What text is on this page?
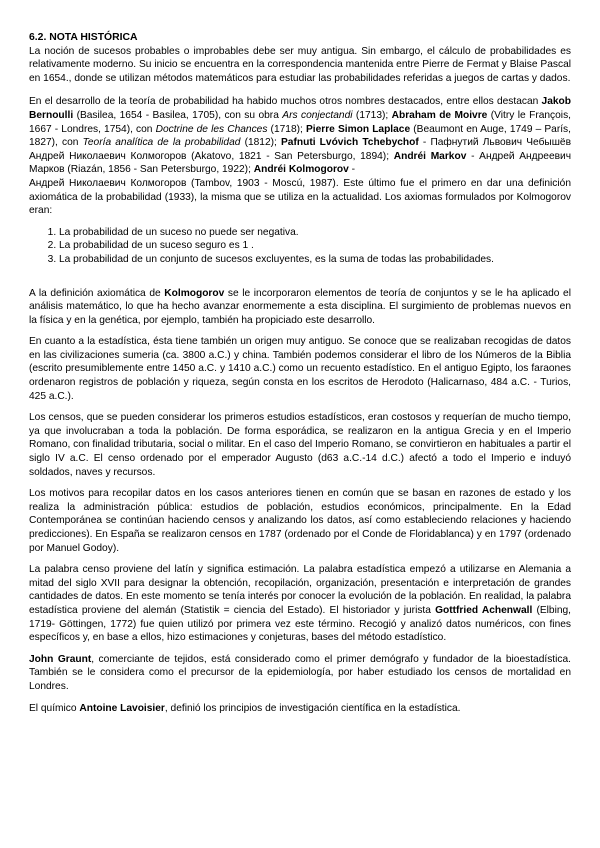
6.2. NOTA HISTÓRICA

La noción de sucesos probables o improbables debe ser muy antigua. Sin embargo, el cálculo de probabilidades es relativamente moderno. Su inicio se encuentra en la correspondencia mantenida entre Pierre de Fermat y Blaise Pascal en 1654., donde se utilizan métodos matemáticos para estudiar las probabilidades referidas a juegos de cartas y dados.

En el desarrollo de la teoría de probabilidad ha habido muchos otros nombres destacados, entre ellos destacan Jakob Bernoulli (Basilea, 1654 - Basilea, 1705), con su obra Ars conjectandi (1713); Abraham de Moivre (Vitry le François, 1667 - Londres, 1754), con Doctrine de les Chances (1718); Pierre Simon Laplace (Beaumont en Auge, 1749 – París, 1827), con Teoría analítica de la probabilidad (1812); Pafnuti Lvóvich Tchebychof - Пафнутий Львович Чебышёв Андрей Николаевич Колмогоров (Akatovo, 1821 - San Petersburgo, 1894); Andréi Markov - Андрей Андреевич Марков (Riazán, 1856 - San Petersburgo, 1922); Andréi Kolmogorov -
Андрей Николаевич Колмогоров (Tambov, 1903 - Moscú, 1987). Este último fue el primero en dar una definición axiomática de la probabilidad (1933), la misma que se utiliza en la actualidad. Los axiomas formulados por Kolmogorov eran:

1. La probabilidad de un suceso no puede ser negativa.
2. La probabilidad de un suceso seguro es 1 .
3. La probabilidad de un conjunto de sucesos excluyentes, es la suma de todas las probabilidades.

A la definición axiomática de Kolmogorov se le incorporaron elementos de teoría de conjuntos y se le ha aplicado el análisis matemático, lo que ha hecho avanzar enormemente a esta disciplina. El surgimiento de problemas nuevos en la física y en la genética, por ejemplo, también ha propiciado este desarrollo.

En cuanto a la estadística, ésta tiene también un origen muy antiguo. Se conoce que se realizaban recogidas de datos en las civilizaciones sumeria (ca. 3800 a.C.) y china. También podemos considerar el libro de los Números de la Biblia (escrito presumiblemente entre 1450 a.C. y 1410 a.C.) como un recuento estadístico. En el antiguo Egipto, los faraones ordenaron registros de población y riqueza, según consta en los escritos de Herodoto (Halicarnaso, 484 a.C. - Turios, 425 a.C.).

Los censos, que se pueden considerar los primeros estudios estadísticos, eran costosos y requerían de mucho tiempo, ya que involucraban a toda la población. De forma esporádica, se realizaron en la antigua Grecia y en el Imperio Romano, con finalidad tributaria, social o militar. En el caso del Imperio Romano, se convirtieron en habituales a partir el siglo IV a.C. El censo ordenado por el emperador Augusto (d63 a.C.-14 d.C.) afectó a todo el Imperio e induyó soldados, naves y recursos.

Los motivos para recopilar datos en los casos anteriores tienen en común que se basan en razones de estado y los realiza la administración pública: estudios de población, estudios económicos, principalmente. En la Edad Contemporánea se continúan haciendo censos y analizando los datos, así como estableciendo relaciones y haciendo predicciones). En España se realizaron censos en 1787 (ordenado por el Conde de Floridablanca) y en 1797 (ordenado por Manuel Godoy).

La palabra censo proviene del latín y significa estimación. La palabra estadística empezó a utilizarse en Alemania a mitad del siglo XVII para designar la obtención, recopilación, organización, presentación e interpretación de grandes cantidades de datos. En este momento se tenía interés por conocer la evolución de la población. En realidad, la palabra estadística proviene del alemán (Statistik = ciencia del Estado). El historiador y jurista Gottfried Achenwall (Elbing, 1719- Göttingen, 1772) fue quien utilizó por primera vez este término. Recogió y analizó datos numéricos, con fines específicos y, en base a ellos, hizo estimaciones y conjeturas, bases del método estadístico.

John Graunt, comerciante de tejidos, está considerado como el primer demógrafo y fundador de la bioestadística. También se le considera como el precursor de la epidemiología, por haber estudiado los censos de mortalidad en Londres.

El químico Antoine Lavoisier, definió los principios de investigación científica en la estadística.
